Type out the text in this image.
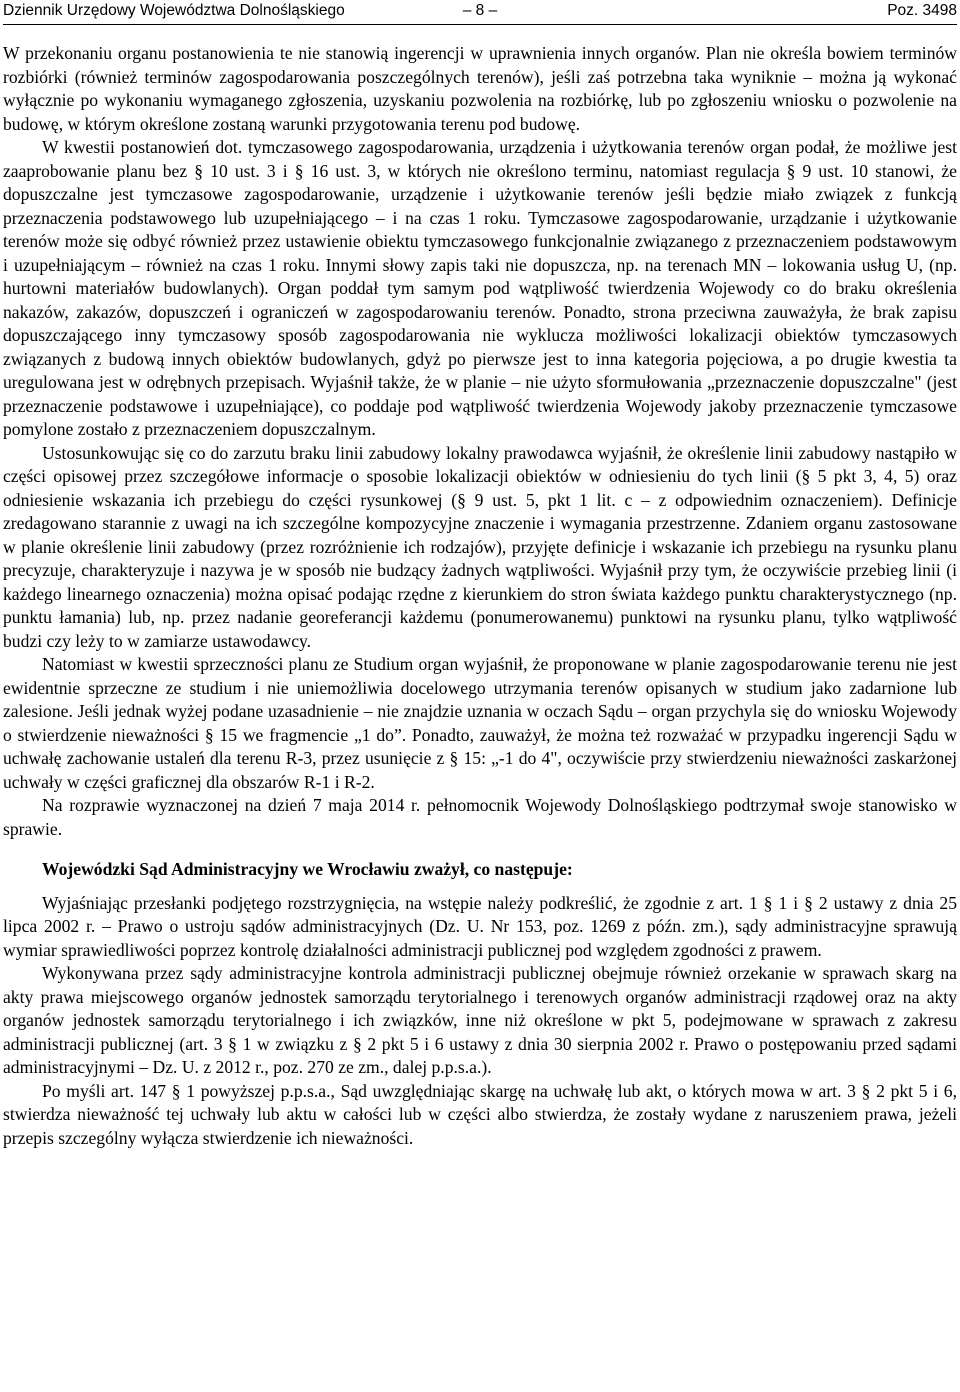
Dziennik Urzędowy Województwa Dolnośląskiego	– 8 –	Poz. 3498

W przekonaniu organu postanowienia te nie stanowią ingerencji w uprawnienia innych organów. Plan nie określa bowiem terminów rozbiórki (również terminów zagospodarowania poszczególnych terenów), jeśli zaś potrzebna taka wyniknie – można ją wykonać wyłącznie po wykonaniu wymaganego zgłoszenia, uzyskaniu pozwolenia na rozbiórkę, lub po zgłoszeniu wniosku o pozwolenie na budowę, w którym określone zostaną warunki przygotowania terenu pod budowę.

W kwestii postanowień dot. tymczasowego zagospodarowania, urządzenia i użytkowania terenów organ podał, że możliwe jest zaaprobowanie planu bez § 10 ust. 3 i § 16 ust. 3, w których nie określono terminu, natomiast regulacja § 9 ust. 10 stanowi, że dopuszczalne jest tymczasowe zagospodarowanie, urządzenie i użytkowanie terenów jeśli będzie miało związek z funkcją przeznaczenia podstawowego lub uzupełniającego – i na czas 1 roku. Tymczasowe zagospodarowanie, urządzanie i użytkowanie terenów może się odbyć również przez ustawienie obiektu tymczasowego funkcjonalnie związanego z przeznaczeniem podstawowym i uzupełniającym – również na czas 1 roku. Innymi słowy zapis taki nie dopuszcza, np. na terenach MN – lokowania usług U, (np. hurtowni materiałów budowlanych). Organ poddał tym samym pod wątpliwość twierdzenia Wojewody co do braku określenia nakazów, zakazów, dopuszczeń i ograniczeń w zagospodarowaniu terenów. Ponadto, strona przeciwna zauważyła, że brak zapisu dopuszczającego inny tymczasowy sposób zagospodarowania nie wyklucza możliwości lokalizacji obiektów tymczasowych związanych z budową innych obiektów budowlanych, gdyż po pierwsze jest to inna kategoria pojęciowa, a po drugie kwestia ta uregulowana jest w odrębnych przepisach. Wyjaśnił także, że w planie – nie użyto sformułowania „przeznaczenie dopuszczalne" (jest przeznaczenie podstawowe i uzupełniające), co poddaje pod wątpliwość twierdzenia Wojewody jakoby przeznaczenie tymczasowe pomylone zostało z przeznaczeniem dopuszczalnym.

Ustosunkowując się co do zarzutu braku linii zabudowy lokalny prawodawca wyjaśnił, że określenie linii zabudowy nastąpiło w części opisowej przez szczegółowe informacje o sposobie lokalizacji obiektów w odniesieniu do tych linii (§ 5 pkt 3, 4, 5) oraz odniesienie wskazania ich przebiegu do części rysunkowej (§ 9 ust. 5, pkt 1 lit. c – z odpowiednim oznaczeniem). Definicje zredagowano starannie z uwagi na ich szczególne kompozycyjne znaczenie i wymagania przestrzenne. Zdaniem organu zastosowane w planie określenie linii zabudowy (przez rozróżnienie ich rodzajów), przyjęte definicje i wskazanie ich przebiegu na rysunku planu precyzuje, charakteryzuje i nazywa je w sposób nie budzący żadnych wątpliwości. Wyjaśnił przy tym, że oczywiście przebieg linii (i każdego linearnego oznaczenia) można opisać podając rzędne z kierunkiem do stron świata każdego punktu charakterystycznego (np. punktu łamania) lub, np. przez nadanie georeferancji każdemu (ponumerowanemu) punktowi na rysunku planu, tylko wątpliwość budzi czy leży to w zamiarze ustawodawcy.

Natomiast w kwestii sprzeczności planu ze Studium organ wyjaśnił, że proponowane w planie zagospodarowanie terenu nie jest ewidentnie sprzeczne ze studium i nie uniemożliwia docelowego utrzymania terenów opisanych w studium jako zadarnione lub zalesione. Jeśli jednak wyżej podane uzasadnienie – nie znajdzie uznania w oczach Sądu – organ przychyla się do wniosku Wojewody o stwierdzenie nieważności § 15 we fragmencie „1 do”. Ponadto, zauważył, że można też rozważać w przypadku ingerencji Sądu w uchwałę zachowanie ustaleń dla terenu R-3, przez usunięcie z § 15: „-1 do 4", oczywiście przy stwierdzeniu nieważności zaskarżonej uchwały w części graficznej dla obszarów R-1 i R-2.

Na rozprawie wyznaczonej na dzień 7 maja 2014 r. pełnomocnik Wojewody Dolnośląskiego podtrzymał swoje stanowisko w sprawie.

Wojewódzki Sąd Administracyjny we Wrocławiu zważył, co następuje:

Wyjaśniając przesłanki podjętego rozstrzygnięcia, na wstępie należy podkreślić, że zgodnie z art. 1 § 1 i § 2 ustawy z dnia 25 lipca 2002 r. – Prawo o ustroju sądów administracyjnych (Dz. U. Nr 153, poz. 1269 z późn. zm.), sądy administracyjne sprawują wymiar sprawiedliwości poprzez kontrolę działalności administracji publicznej pod względem zgodności z prawem.

Wykonywana przez sądy administracyjne kontrola administracji publicznej obejmuje również orzekanie w sprawach skarg na akty prawa miejscowego organów jednostek samorządu terytorialnego i terenowych organów administracji rządowej oraz na akty organów jednostek samorządu terytorialnego i ich związków, inne niż określone w pkt 5, podejmowane w sprawach z zakresu administracji publicznej (art. 3 § 1 w związku z § 2 pkt 5 i 6 ustawy z dnia 30 sierpnia 2002 r. Prawo o postępowaniu przed sądami administracyjnymi – Dz. U. z 2012 r., poz. 270 ze zm., dalej p.p.s.a.).

Po myśli art. 147 § 1 powyższej p.p.s.a., Sąd uwzględniając skargę na uchwałę lub akt, o których mowa w art. 3 § 2 pkt 5 i 6, stwierdza nieważność tej uchwały lub aktu w całości lub w części albo stwierdza, że zostały wydane z naruszeniem prawa, jeżeli przepis szczególny wyłącza stwierdzenie ich nieważności.
